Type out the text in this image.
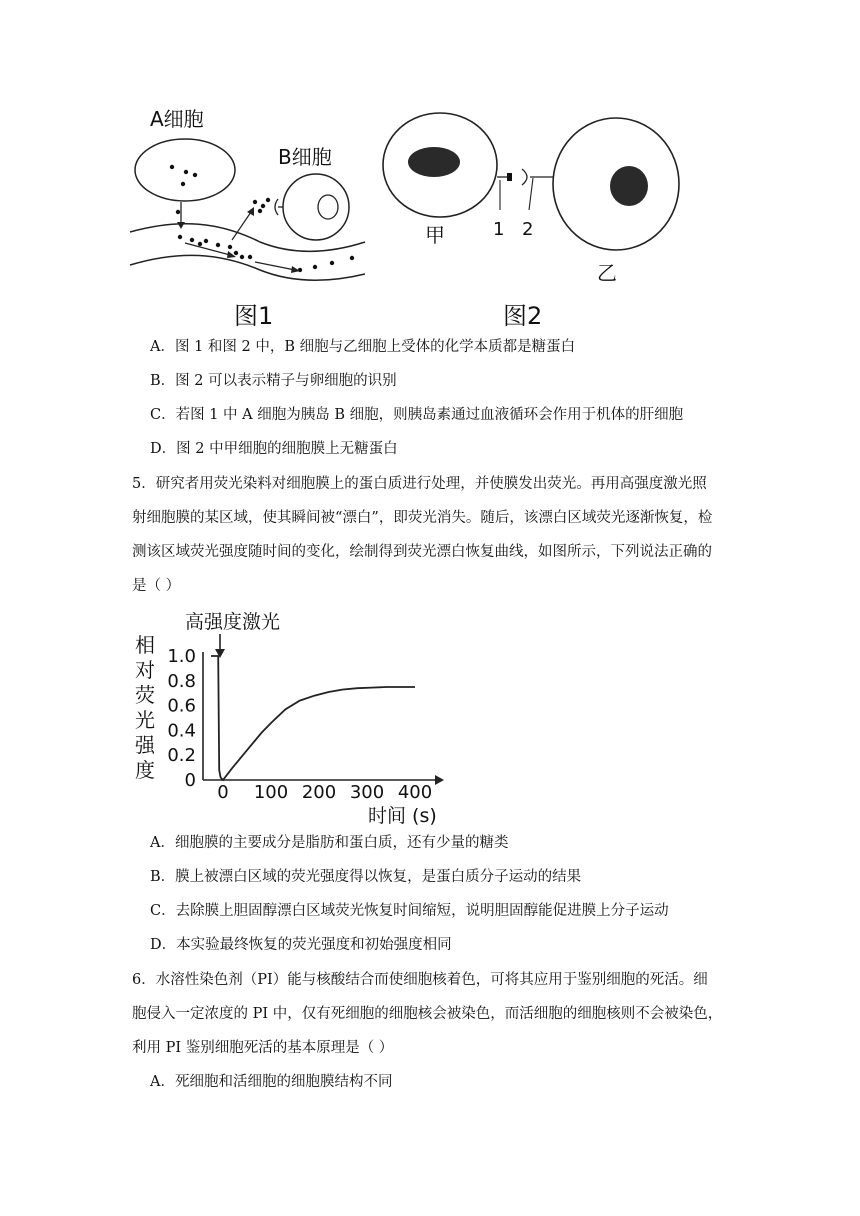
A细胞
B细胞
图1
甲	1 2
乙
图2
A．图 1 和图 2 中，B 细胞与乙细胞上受体的化学本质都是糖蛋白
B．图 2 可以表示精子与卵细胞的识别
C．若图 1 中 A 细胞为胰岛 B 细胞，则胰岛素通过血液循环会作用于机体的肝细胞
D．图 2 中甲细胞的细胞膜上无糖蛋白
5．研究者用荧光染料对细胞膜上的蛋白质进行处理，并使膜发出荧光。再用高强度激光照
射细胞膜的某区域，使其瞬间被“漂白”，即荧光消失。随后，该漂白区域荧光逐渐恢复，检
测该区域荧光强度随时间的变化，绘制得到荧光漂白恢复曲线，如图所示，下列说法正确的
是（ ）
高强度激光
相
对
荧
光
强
度 0
0.2
0.4
0.6
0.8
1.0
0 100 200 300 400
时间 (s)
A．细胞膜的主要成分是脂肪和蛋白质，还有少量的糖类
B．膜上被漂白区域的荧光强度得以恢复，是蛋白质分子运动的结果
C．去除膜上胆固醇漂白区域荧光恢复时间缩短，说明胆固醇能促进膜上分子运动
D．本实验最终恢复的荧光强度和初始强度相同
6．水溶性染色剂（PI）能与核酸结合而使细胞核着色，可将其应用于鉴别细胞的死活。细
胞侵入一定浓度的 PI 中，仅有死细胞的细胞核会被染色，而活细胞的细胞核则不会被染色，
利用 PI 鉴别细胞死活的基本原理是（ ）
A．死细胞和活细胞的细胞膜结构不同
